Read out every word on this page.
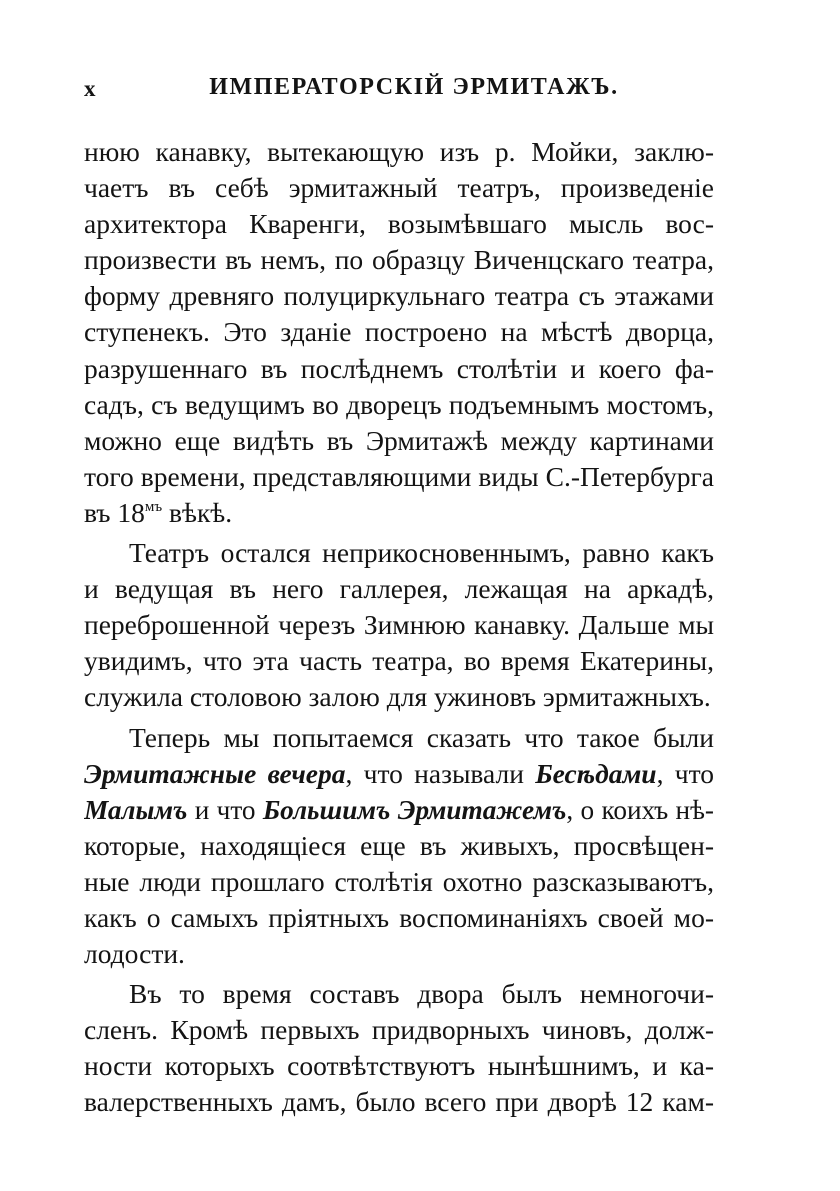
x	ИМПЕРАТОРСКІЙ ЭРМИТАЖЪ.
нюю канавку, вытекающую изъ р. Мойки, заклю-
чаетъ въ себѣ эрмитажный театръ, произведеніе
архитектора Кваренги, возымѣвшаго мысль вос-
произвести въ немъ, по образцу Виченцскаго театра,
форму древняго полуциркульнаго театра съ этажами
ступенекъ. Это зданіе построено на мѣстѣ дворца,
разрушеннаго въ послѣднемъ столѣтіи и коего фа-
садъ, съ ведущимъ во дворецъ подъемнымъ мостомъ,
можно еще видѣть въ Эрмитажѣ между картинами
того времени, представляющими виды С.-Петербурга
въ $18^{мъ}$ вѣкѣ.
Театръ остался неприкосновеннымъ, равно какъ
и ведущая въ него галлерея, лежащая на аркадѣ,
переброшенной черезъ Зимнюю канавку. Дальше мы
увидимъ, что эта часть театра, во время Екатерины,
служила столовою залою для ужиновъ эрмитажныхъ.
Теперь мы попытаемся сказать что такое были
Эрмитажные вечера, что называли Бесѣдами, что
Малымъ и что Большимъ Эрмитажемъ, о коихъ нѣ-
которые, находящіеся еще въ живыхъ, просвѣщен-
ные люди прошлаго столѣтія охотно разсказываютъ,
какъ о самыхъ пріятныхъ воспоминаніяхъ своей мо-
лодости.
Въ то время составъ двора былъ немногочи-
сленъ. Кромѣ первыхъ придворныхъ чиновъ, долж-
ности которыхъ соотвѣтствуютъ нынѣшнимъ, и ка-
валерственныхъ дамъ, было всего при дворѣ 12 кам-
